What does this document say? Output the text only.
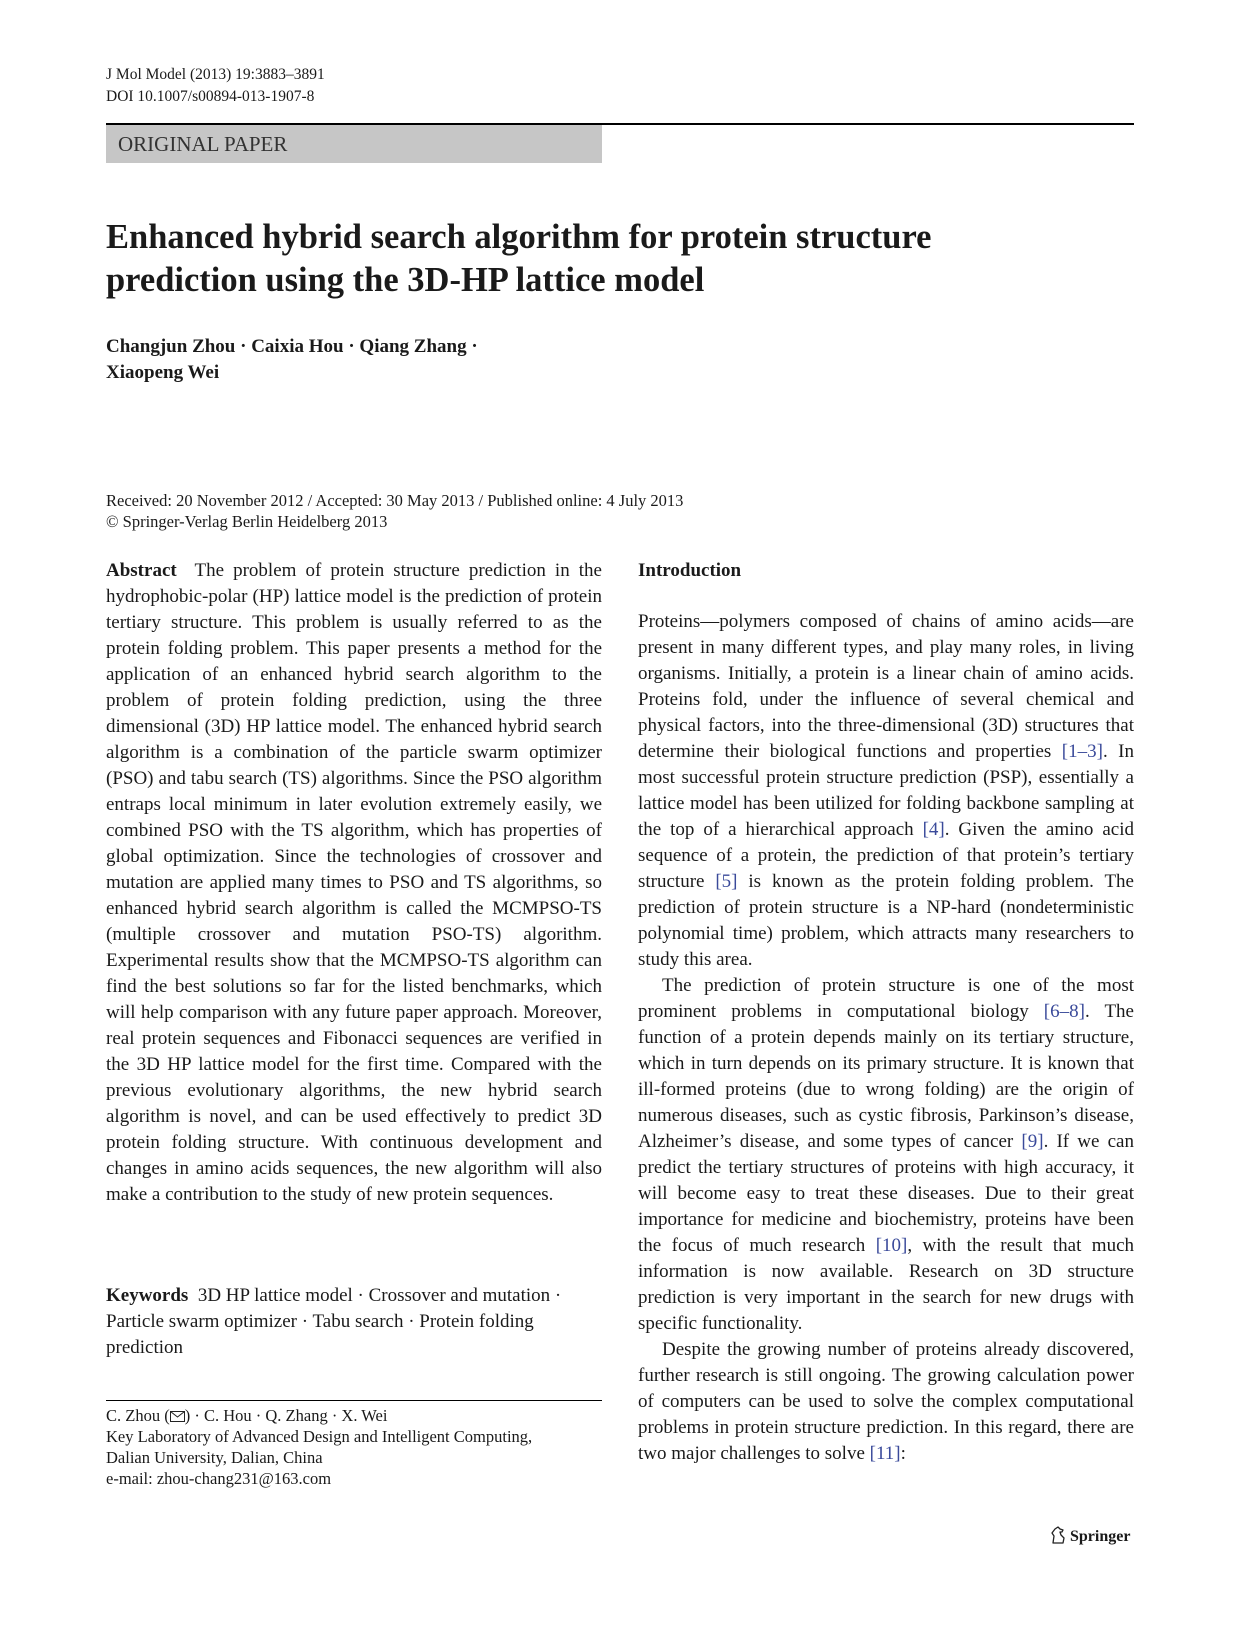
J Mol Model (2013) 19:3883–3891
DOI 10.1007/s00894-013-1907-8
ORIGINAL PAPER
Enhanced hybrid search algorithm for protein structure
prediction using the 3D-HP lattice model
Changjun Zhou · Caixia Hou · Qiang Zhang ·
Xiaopeng Wei
Received: 20 November 2012 / Accepted: 30 May 2013 / Published online: 4 July 2013
© Springer-Verlag Berlin Heidelberg 2013
Abstract The problem of protein structure prediction in the hydrophobic-polar (HP) lattice model is the prediction of protein tertiary structure. This problem is usually referred to as the protein folding problem. This paper presents a method for the application of an enhanced hybrid search algorithm to the problem of protein folding prediction, using the three dimensional (3D) HP lattice model. The enhanced hybrid search algorithm is a combination of the particle swarm optimizer (PSO) and tabu search (TS) algorithms. Since the PSO algorithm entraps local minimum in later evolution extremely easily, we combined PSO with the TS algorithm, which has properties of global optimization. Since the technologies of crossover and mutation are applied many times to PSO and TS algorithms, so enhanced hybrid search algorithm is called the MCMPSO-TS (multiple crossover and mutation PSO-TS) algorithm. Experimental results show that the MCMPSO-TS algorithm can find the best solutions so far for the listed benchmarks, which will help comparison with any future paper approach. Moreover, real protein sequences and Fibonacci sequences are verified in the 3D HP lattice model for the first time. Compared with the previous evolutionary algorithms, the new hybrid search algorithm is novel, and can be used effectively to predict 3D protein folding structure. With continuous development and changes in amino acids sequences, the new algorithm will also make a contribution to the study of new protein sequences.
Keywords 3D HP lattice model · Crossover and mutation ·
Particle swarm optimizer · Tabu search · Protein folding
prediction
C. Zhou ( ) · C. Hou · Q. Zhang · X. Wei
Key Laboratory of Advanced Design and Intelligent Computing,
Dalian University, Dalian, China
e-mail: zhou-chang231@163.com
Introduction

Proteins—polymers composed of chains of amino acids—are present in many different types, and play many roles, in living organisms. Initially, a protein is a linear chain of amino acids. Proteins fold, under the influence of several chemical and physical factors, into the three-dimensional (3D) structures that determine their biological functions and properties [1–3]. In most successful protein structure prediction (PSP), essentially a lattice model has been utilized for folding backbone sampling at the top of a hierarchical approach [4]. Given the amino acid sequence of a protein, the prediction of that protein’s tertiary structure [5] is known as the protein folding problem. The prediction of protein structure is a NP-hard (nondeterministic polynomial time) problem, which attracts many researchers to study this area.

The prediction of protein structure is one of the most prominent problems in computational biology [6–8]. The function of a protein depends mainly on its tertiary structure, which in turn depends on its primary structure. It is known that ill-formed proteins (due to wrong folding) are the origin of numerous diseases, such as cystic fibrosis, Parkinson’s disease, Alzheimer’s disease, and some types of cancer [9]. If we can predict the tertiary structures of proteins with high accuracy, it will become easy to treat these diseases. Due to their great importance for medicine and biochemistry, proteins have been the focus of much research [10], with the result that much information is now available. Research on 3D structure prediction is very important in the search for new drugs with specific functionality.

Despite the growing number of proteins already discovered, further research is still ongoing. The growing calculation power of computers can be used to solve the complex computational problems in protein structure prediction. In this regard, there are two major challenges to solve [11]:

Springer
